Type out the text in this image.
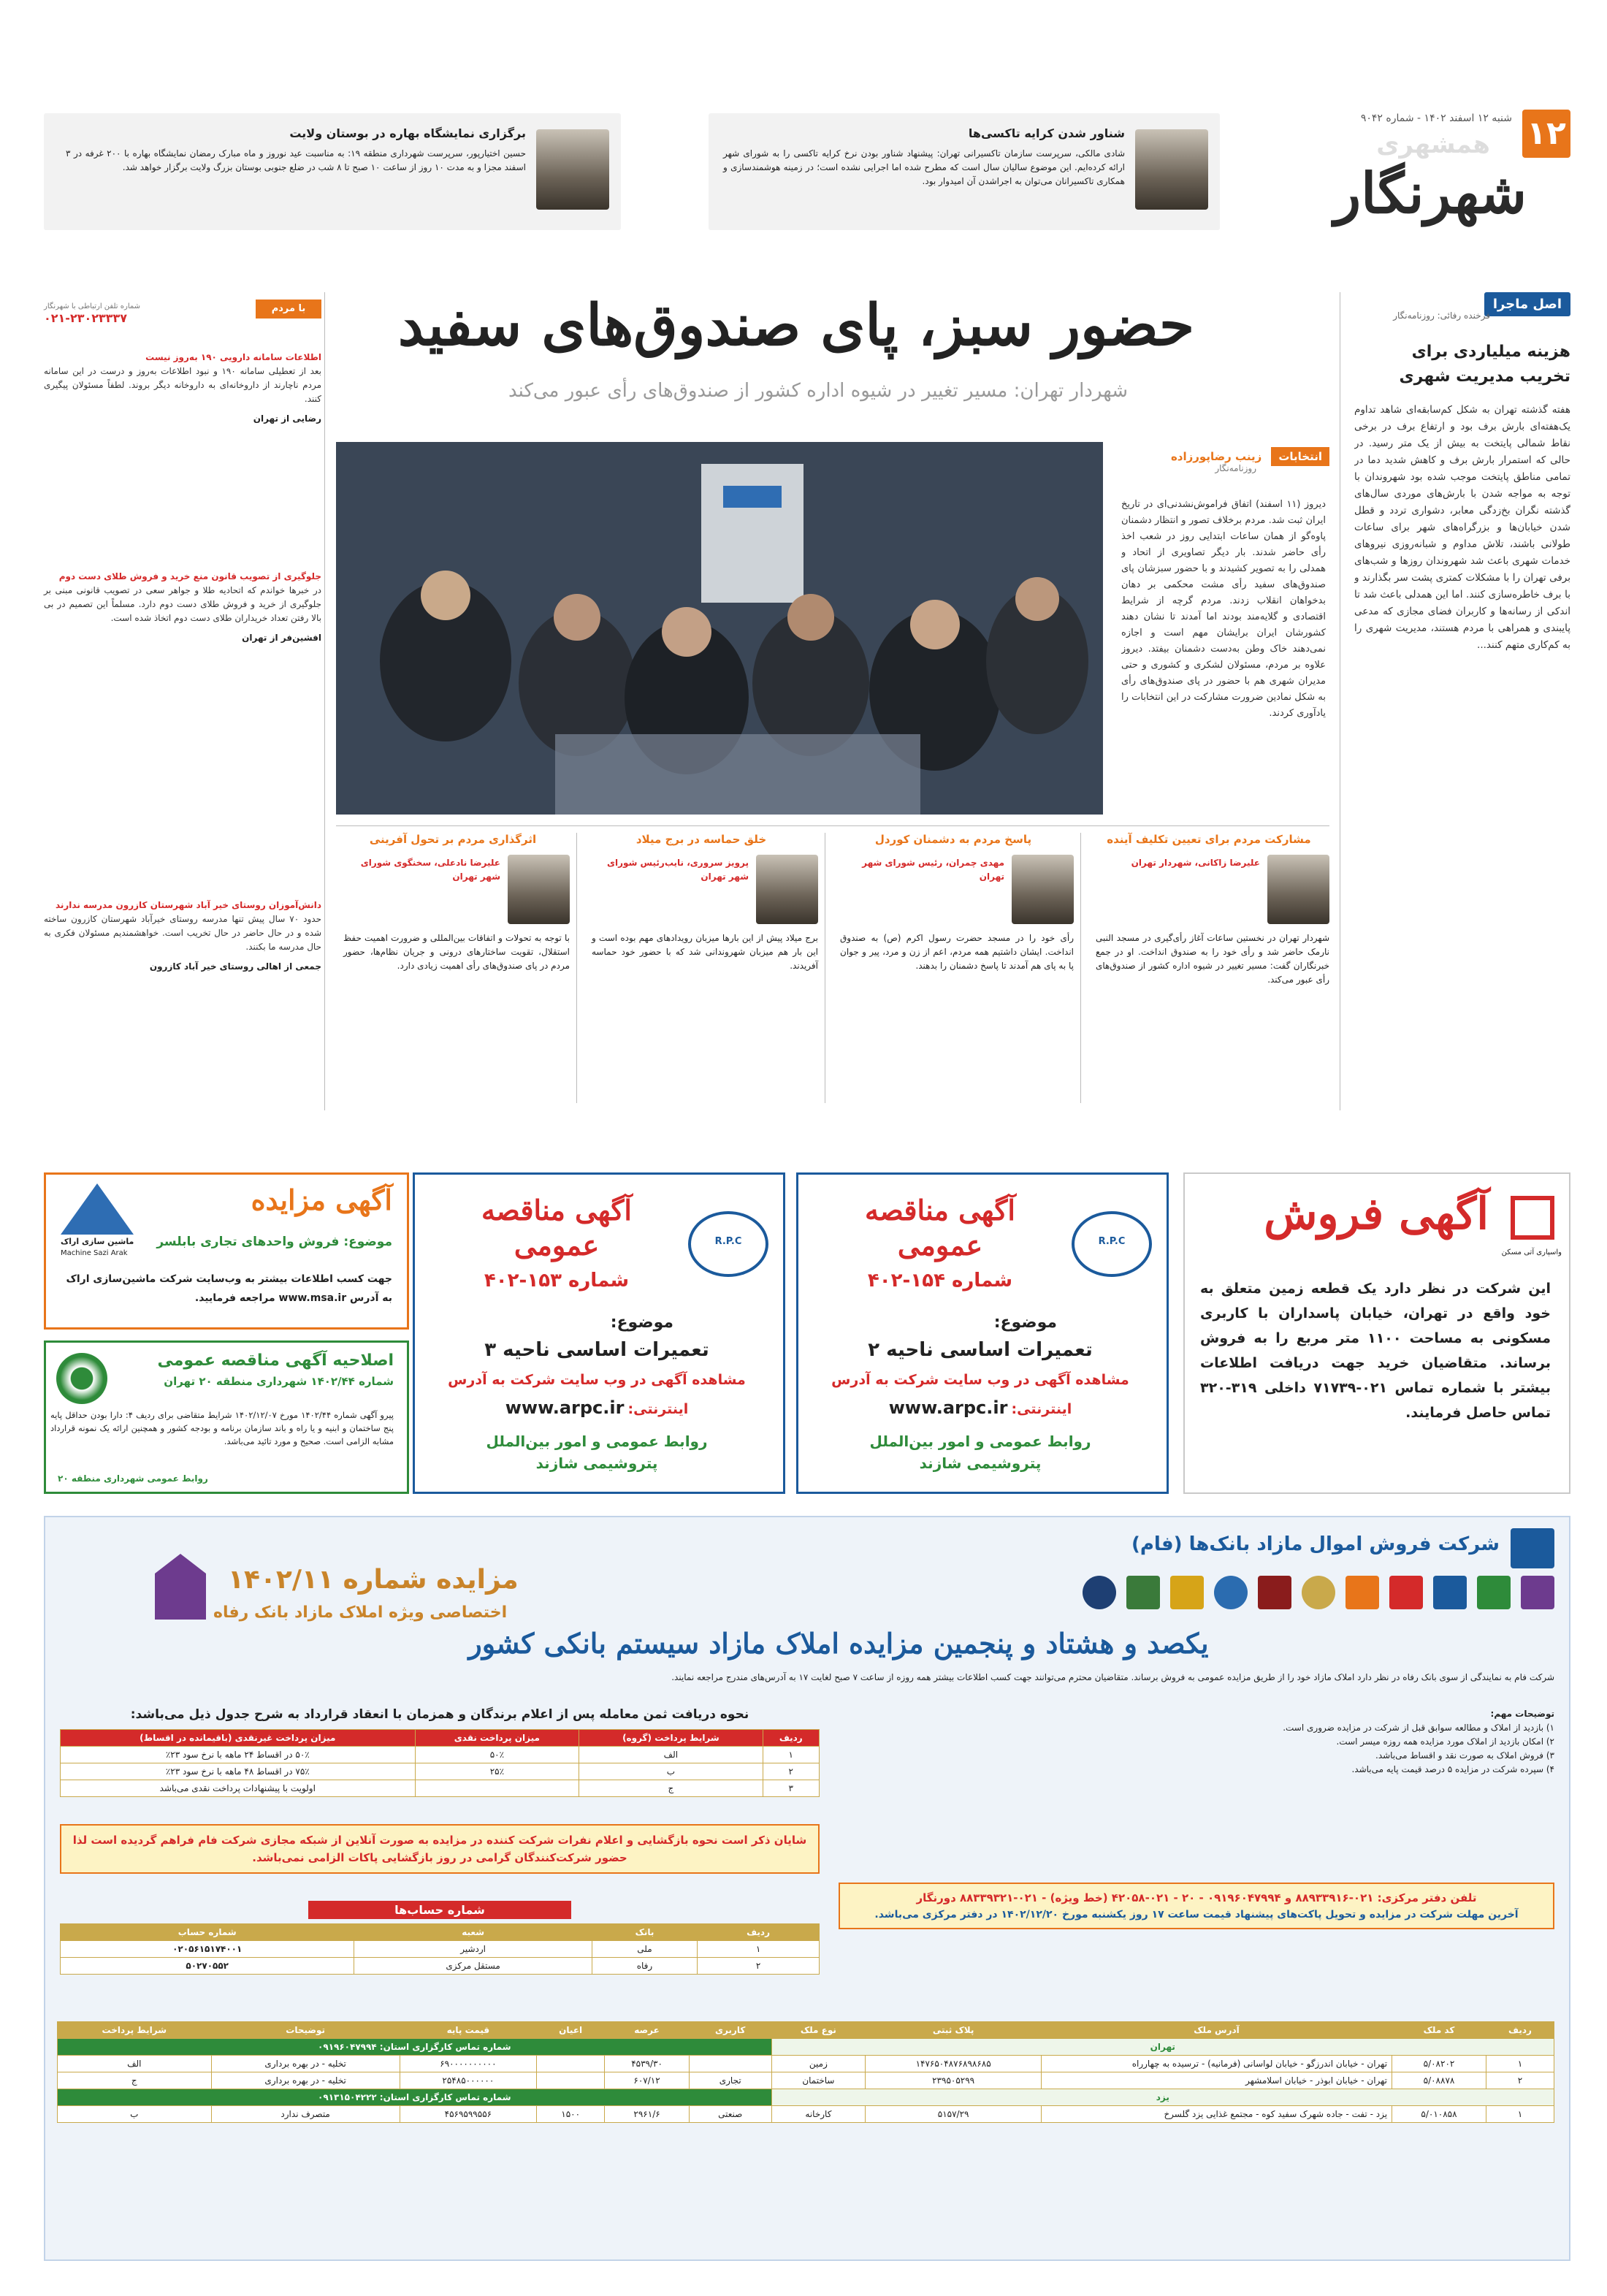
۱۲
شنبه ۱۲ اسفند ۱۴۰۲ - شماره ۹۰۴۲
همشهری
شهرنگار
شناور شدن کرایه تاکسی‌ها
شادی مالکی، سرپرست سازمان تاکسیرانی تهران: پیشنهاد شناور بودن نرخ کرایه تاکسی را به شورای شهر ارائه کرده‌ایم. این موضوع سالیان سال است که مطرح شده اما اجرایی نشده است؛ در زمینه هوشمندسازی و همکاری تاکسیرانان می‌توان به اجراشدن آن امیدوار بود.
برگزاری نمایشگاه بهاره در بوستان ولایت
حسین اختیارپور، سرپرست شهرداری منطقه ۱۹: به مناسبت عید نوروز و ماه مبارک رمضان نمایشگاه بهاره با ۲۰۰ غرفه در ۳ اسفند مجزا و به مدت ۱۰ روز از ساعت ۱۰ صبح تا ۸ شب در ضلع جنوبی بوستان بزرگ ولایت برگزار خواهد شد.
اصل ماجرا
فرخنده رفائی: روزنامه‌نگار
هزینه میلیاردی برای تخریب مدیریت شهری
هفته گذشته تهران به شکل کم‌سابقه‌ای شاهد تداوم یک‌هفته‌ای بارش برف بود و ارتفاع برف در برخی نقاط شمالی پایتخت به بیش از یک متر رسید. در حالی که استمرار بارش برف و کاهش شدید دما در تمامی مناطق پایتخت موجب شده بود شهروندان با توجه به مواجه شدن با بارش‌های موردی سال‌های گذشته نگران بخ‌زدگی معابر، دشواری تردد و قطل شدن خیابان‌ها و بزرگراه‌های شهر برای ساعات طولانی باشند، تلاش مداوم و شبانه‌روزی نیروهای خدمات شهری باعث شد شهروندان روزها و شب‌های برفی تهران را با مشکلات کمتری پشت سر بگذارند و با برف خاطره‌سازی کنند. اما این همدلی باعث شد تا اندکی از رسانه‌ها و کاربران فضای مجازی که مدعی پایبندی و همراهی با مردم هستند، مدیریت شهری را به کم‌کاری متهم کنند...
حضور سبز، پای صندوق‌های سفید
شهردار تهران: مسیر تغییر در شیوه اداره کشور از صندوق‌های رأی عبور می‌کند
انتخابات زینب رضاپورزاده
روزنامه‌نگار
دیروز (۱۱ اسفند) اتفاق فراموش‌نشدنی‌ای در تاریخ ایران ثبت شد. مردم برخلاف تصور و انتظار دشمنان پاوه‌گو از همان ساعات ابتدایی روز در شعب اخذ رأی حاضر شدند. بار دیگر تصاویری از اتحاد و همدلی را به تصویر کشیدند و با حضور سبزشان پای صندوق‌های سفید رأی مشت محکمی بر دهان بدخواهان انقلاب زدند. مردم گرچه از شرایط اقتصادی و گلایه‌مند بودند اما آمدند تا نشان دهند کشورشان ایران برایشان مهم است و اجازه نمی‌دهند خاک وطن به‌دست دشمنان بیفتد. دیروز علاوه بر مردم، مسئولان لشکری و کشوری و حتی مدیران شهری هم با حضور در پای صندوق‌های رأی به شکل نمادین ضرورت مشارکت در این انتخابات را یادآوری کردند.
مشارکت مردم برای تعیین تکلیف آینده
علیرضا زاکانی، شهردار تهران
شهردار تهران در نخستین ساعات آغاز رأی‌گیری در مسجد النبی نارمک حاضر شد و رأی خود را به صندوق انداخت. او در جمع خبرنگاران گفت: مسیر تغییر در شیوه اداره کشور از صندوق‌های رأی عبور می‌کند.
پاسخ مردم به دشمنان کوردل
مهدی چمران، رئیس شورای شهر تهران
رأی خود را در مسجد حضرت رسول اکرم (ص) به صندوق انداخت. ایشان داشتیم همه مردم، اعم از زن و مرد، پیر و جوان پا به پای هم آمدند تا پاسخ دشمنان را بدهند.
خلق حماسه در برج میلاد
پرویز سروری، نایب‌رئیس شورای شهر تهران
برج میلاد پیش از این بارها میزبان رویدادهای مهم بوده است و این بار هم میزبان شهروندانی شد که با حضور خود حماسه آفریدند.
اثرگذاری مردم بر تحول آفرینی
علیرضا نادعلی، سخنگوی شورای شهر تهران
با توجه به تحولات و اتفاقات بین‌المللی و ضرورت اهمیت حفظ استقلال، تقویت ساختارهای درونی و جریان نظام‌ها، حضور مردم در پای صندوق‌های رأی اهمیت زیادی دارد.
با مردم
شماره تلفن ارتباطی با شهرنگار
۰۲۱-۲۳۰۲۳۳۳۷
اطلاعات سامانه دارویی ۱۹۰ به‌روز نیست
بعد از تعطیلی سامانه ۱۹۰ و نبود اطلاعات به‌روز و درست در این سامانه مردم ناچارند از داروخانه‌ای به داروخانه دیگر بروند. لطفاً مسئولان پیگیری کنند.
رضایی از تهران
جلوگیری از تصویب قانون منع خرید و فروش طلای دست دوم
در خبرها خواندم که اتحادیه طلا و جواهر سعی در تصویب قانونی مبنی بر جلوگیری از خرید و فروش طلای دست دوم دارد. مسلماً این تصمیم در بی بالا رفتن تعداد خریداران طلای دست دوم اتخاذ شده است.
افشین‌فر از تهران
دانش‌آموزان روستای خیر آباد شهرستان کازرون مدرسه ندارند
حدود ۷۰ سال پیش تنها مدرسه روستای خیرآباد شهرستان کازرون ساخته شده و در حال حاضر در حال تخریب است. خواهشمندیم مسئولان فکری به حال مدرسه ما بکنند.
جمعی از اهالی روستای خیر آباد کازرون
واسپاری آتی مسکن
آگهی فروش
این شرکت در نظر دارد یک قطعه زمین متعلق به خود واقع در تهران، خیابان پاسداران با کاربری مسکونی به مساحت ۱۱۰۰ متر مربع را به فروش برساند. متقاضیان خرید جهت دریافت اطلاعات بیشتر با شماره تماس ۰۲۱-۷۱۷۳۹ داخلی ۳۱۹-۳۲۰ تماس حاصل فرمایند.
R.P.C
آگهی مناقصه عمومی
شماره ۱۵۴-۴۰۲
موضوع:
تعمیرات اساسی ناحیه ۲
مشاهده آگهی در وب سایت شرکت به آدرس
اینترنتی: www.arpc.ir
روابط عمومی و امور بین‌الملل پتروشیمی شازند
R.P.C
آگهی مناقصه عمومی
شماره ۱۵۳-۴۰۲
موضوع:
تعمیرات اساسی ناحیه ۳
مشاهده آگهی در وب سایت شرکت به آدرس
اینترنتی: www.arpc.ir
روابط عمومی و امور بین‌الملل پتروشیمی شازند
آگهی مزایده
ماشین سازی اراک
Machine Sazi Arak
موضوع: فروش واحدهای تجاری بابلسر
جهت کسب اطلاعات بیشتر به وب‌سایت شرکت ماشین‌سازی اراک به آدرس www.msa.ir مراجعه فرمایید.
اصلاحیه آگهی مناقصه عمومی
شماره ۱۴۰۲/۴۴ شهرداری منطقه ۲۰ تهران
پیرو آگهی شماره ۱۴۰۲/۴۴ مورخ ۱۴۰۲/۱۲/۰۷ شرایط متقاضی برای ردیف ۴: دارا بودن حداقل پایه پنج ساختمان و ابنیه و یا راه و باند سازمان برنامه و بودجه کشور و همچنین ارائه یک نمونه قرارداد مشابه الزامی است. صحیح و مورد تائید می‌باشد.
روابط عمومی شهرداری منطقه ۲۰
شرکت فروش اموال مازاد بانک‌ها (فام)
مزایده شماره ۱۴۰۲/۱۱
اختصاصی ویژه املاک مازاد بانک رفاه
یکصد و هشتاد و پنجمین مزایده املاک مازاد سیستم بانکی کشور
شرکت فام به نمایندگی از سوی بانک رفاه در نظر دارد املاک مازاد خود را از طریق مزایده عمومی به فروش برساند. متقاضیان محترم می‌توانند جهت کسب اطلاعات بیشتر همه روزه از ساعت ۷ صبح لغایت ۱۷ به آدرس‌های مندرج مراجعه نمایند.
نحوه دریافت ثمن معامله پس از اعلام برندگان و همزمان با انعقاد قرارداد به شرح جدول ذیل می‌باشد:
ردیف	شرایط پرداخت (گروه)	میزان پرداخت نقدی	میزان پرداخت غیرنقدی (باقیمانده در اقساط)
۱	الف	۵۰٪	۵۰٪ در اقساط ۲۴ ماهه با نرخ سود ۲۳٪
۲	ب	۲۵٪	۷۵٪ در اقساط ۴۸ ماهه با نرخ سود ۲۳٪
۳	ج		اولویت با پیشنهادات پرداخت نقدی می‌باشد
شایان ذکر است نحوه بازگشایی و اعلام نفرات شرکت کننده در مزایده به صورت آنلاین از شبکه مجازی شرکت فام فراهم گردیده است لذا حضور شرکت‌کنندگان گرامی در روز بازگشایی پاکات الزامی نمی‌باشد.
توضیحات مهم:
۱) بازدید از املاک و مطالعه سوابق قبل از شرکت در مزایده ضروری است.
۲) امکان بازدید از املاک مورد مزایده همه روزه میسر است.
۳) فروش املاک به صورت نقد و اقساط می‌باشد.
۴) سپرده شرکت در مزایده ۵ درصد قیمت پایه می‌باشد.
تلفن دفتر مرکزی: ۰۲۱-۸۸۹۳۳۹۱۶ و ۰۹۱۹۶۰۴۷۹۹۴ - ۲۰ - ۰۲۱-۴۲۰۵۸ (خط ویژه) - ۰۲۱-۸۸۳۳۹۳۲۱ دورنگار
آخرین مهلت شرکت در مزایده و تحویل پاکت‌های پیشنهاد قیمت ساعت ۱۷ روز یکشنبه مورخ ۱۴۰۲/۱۲/۲۰ در دفتر مرکزی می‌باشد.
شماره حساب‌ها
ردیف	بانک	شعبه	شماره حساب
۱	ملی	اردشیر	۰۲۰۵۶۱۵۱۷۴۰۰۱
۲	رفاه	مستقل مرکزی	۵۰۲۷۰۵۵۲
ردیف	کد ملک	آدرس ملک	پلاک ثبتی	نوع ملک	کاربری	عرصه	اعیان	قیمت پایه	توضیحات	شرایط پرداخت
تهران					شماره تماس کارگزاری استان: ۰۹۱۹۶۰۴۷۹۹۴					
۱	۵/۰۸۲۰۲	تهران - خیابان اندرزگو - خیابان لواسانی (فرمانیه) - ترسیده به چهارراه	۱۴۷۶۵۰۴۸۷۶۸۹۸۶۸۵	زمین		۴۵۳۹/۳۰		۶۹۰۰۰۰۰۰۰۰۰۰	تخلیه - در بهره برداری	الف
۲	۵/۰۸۸۷۸	تهران - خیابان ابوذر - خیابان اسلامشهر	۲۳۹۵۰۵۲۹۹	ساختمان	تجاری	۶۰۷/۱۲		۲۵۴۸۵۰۰۰۰۰۰	تخلیه - در بهره برداری	ج
یزد					شماره تماس کارگزاری استان: ۰۹۱۳۱۵۰۴۲۲۲					
۱	۵/۰۱۰۸۵۸	یزد - تفت - جاده شهرک سفید کوه - مجتمع غذایی یزد گلسرخ	۵۱۵۷/۲۹	کارخانه	صنعتی	۲۹۶۱/۶	۱۵۰۰	۴۵۶۹۵۹۹۵۵۶	متصرف ندارد	ب
